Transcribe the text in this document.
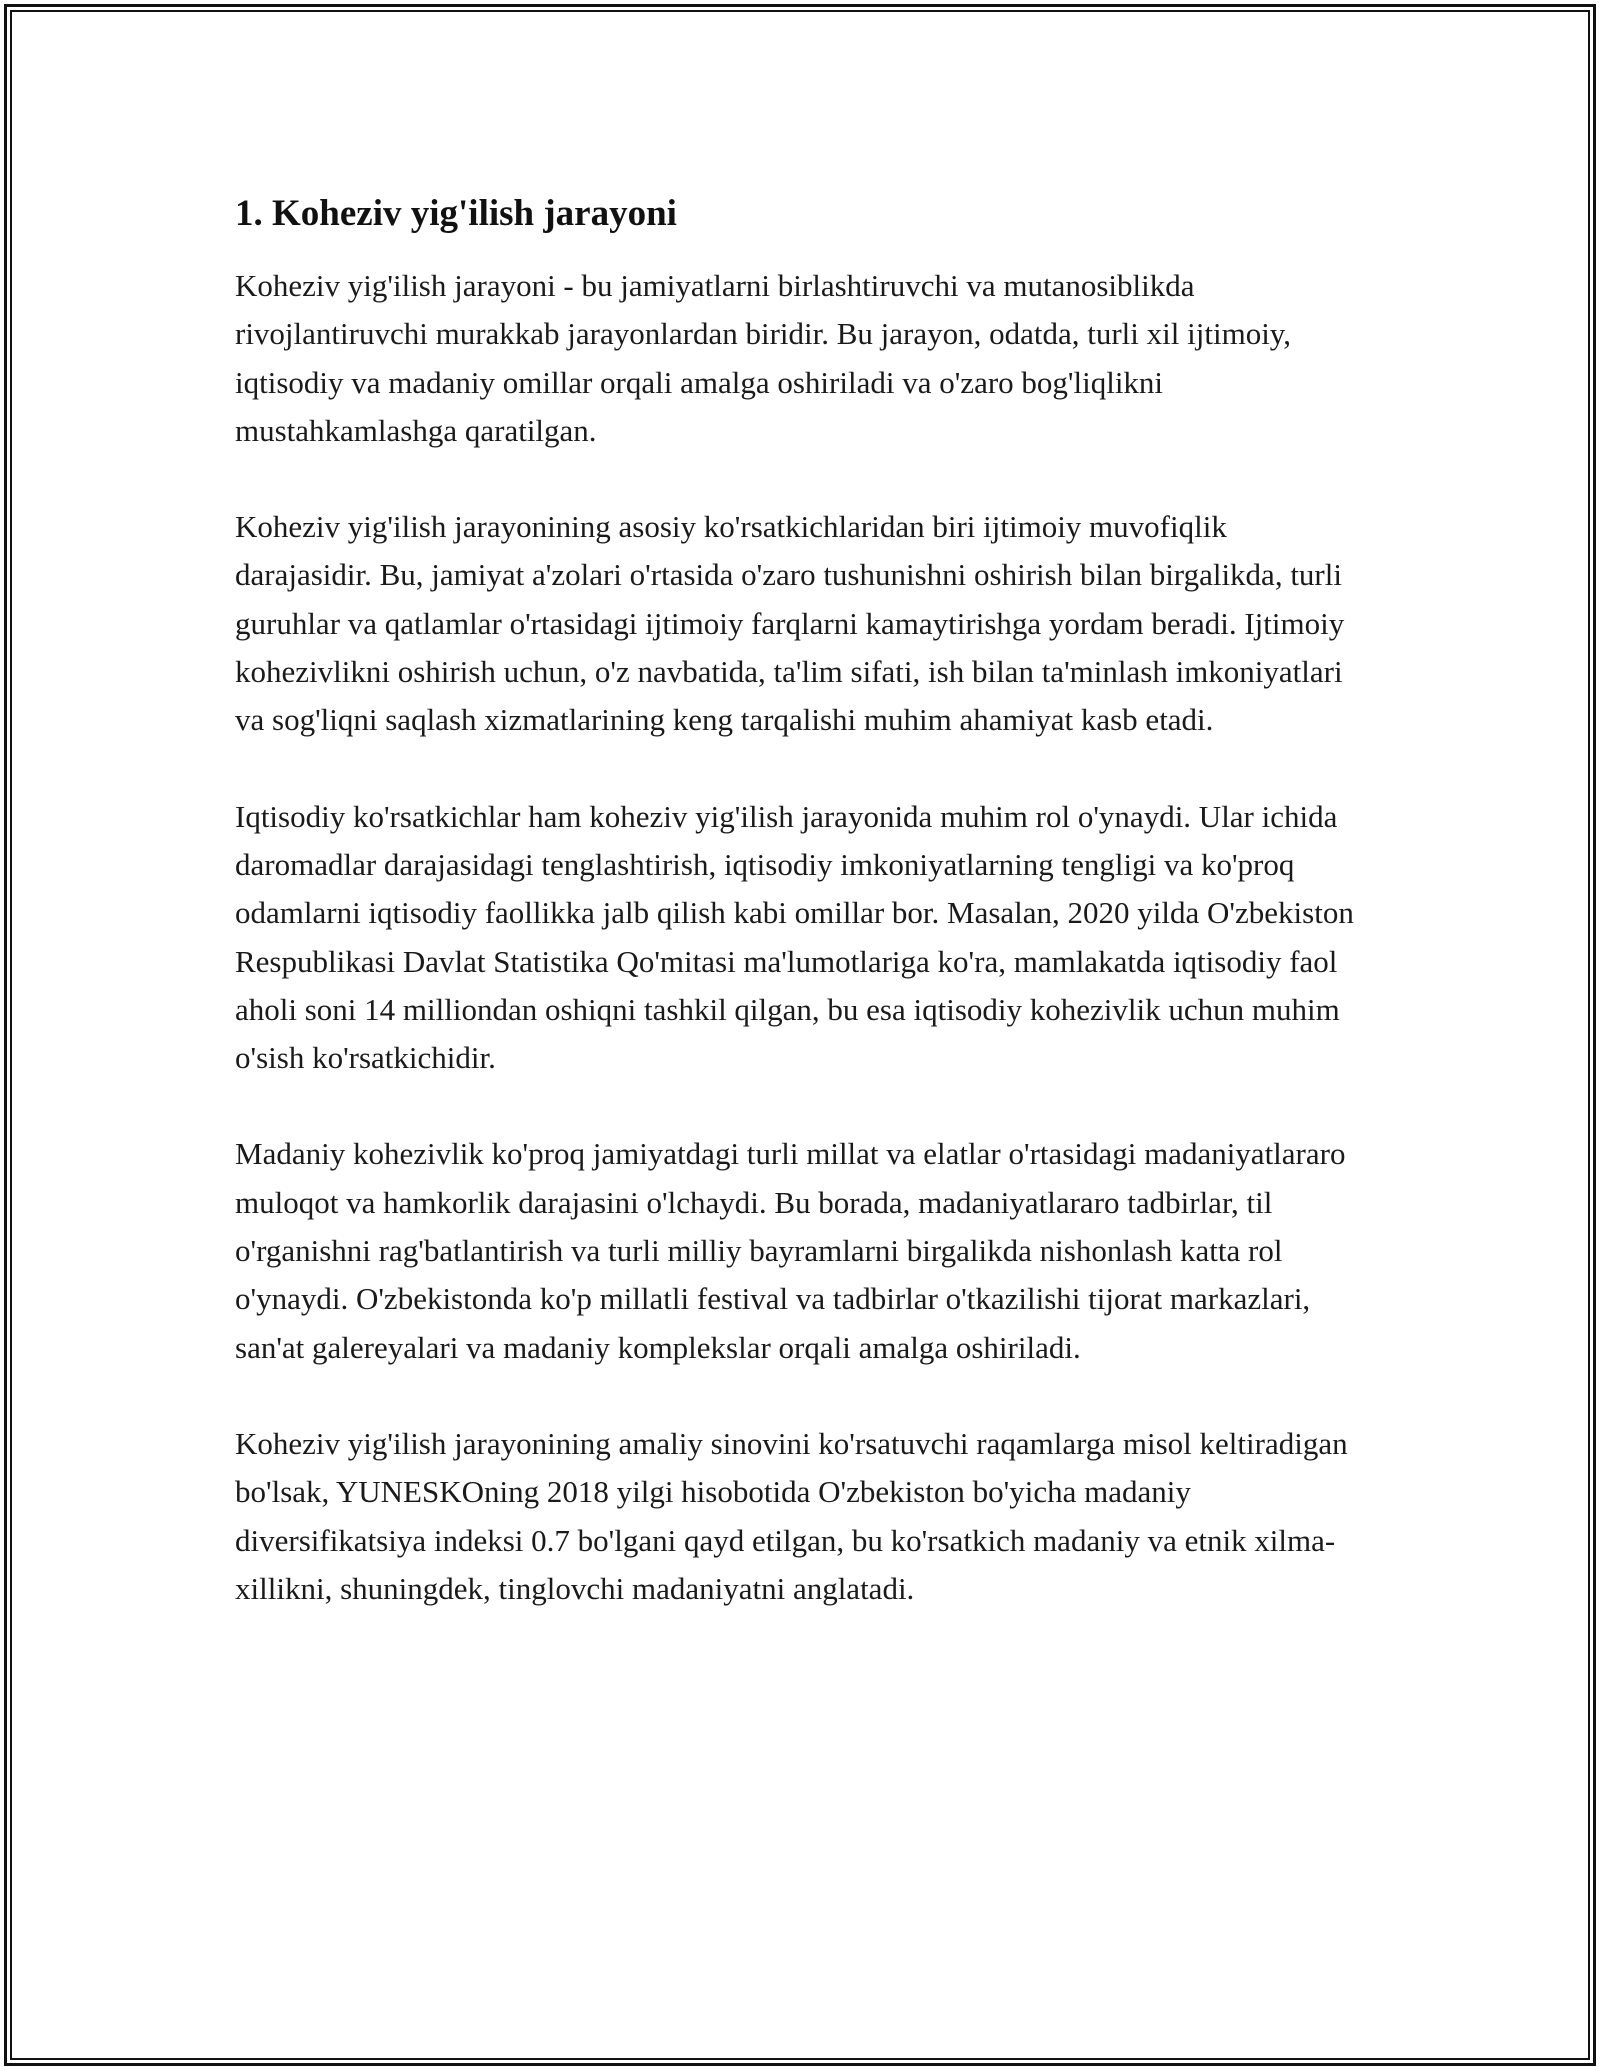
1. Koheziv yig'ilish jarayoni

Koheziv yig'ilish jarayoni - bu jamiyatlarni birlashtiruvchi va mutanosiblikda rivojlantiruvchi murakkab jarayonlardan biridir. Bu jarayon, odatda, turli xil ijtimoiy, iqtisodiy va madaniy omillar orqali amalga oshiriladi va o'zaro bog'liqlikni mustahkamlashga qaratilgan.

Koheziv yig'ilish jarayonining asosiy ko'rsatkichlaridan biri ijtimoiy muvofiqlik darajasidir. Bu, jamiyat a'zolari o'rtasida o'zaro tushunishni oshirish bilan birgalikda, turli guruhlar va qatlamlar o'rtasidagi ijtimoiy farqlarni kamaytirishga yordam beradi. Ijtimoiy kohezivlikni oshirish uchun, o'z navbatida, ta'lim sifati, ish bilan ta'minlash imkoniyatlari va sog'liqni saqlash xizmatlarining keng tarqalishi muhim ahamiyat kasb etadi.

Iqtisodiy ko'rsatkichlar ham koheziv yig'ilish jarayonida muhim rol o'ynaydi. Ular ichida daromadlar darajasidagi tenglashtirish, iqtisodiy imkoniyatlarning tengligi va ko'proq odamlarni iqtisodiy faollikka jalb qilish kabi omillar bor. Masalan, 2020 yilda O'zbekiston Respublikasi Davlat Statistika Qo'mitasi ma'lumotlariga ko'ra, mamlakatda iqtisodiy faol aholi soni 14 milliondan oshiqni tashkil qilgan, bu esa iqtisodiy kohezivlik uchun muhim o'sish ko'rsatkichidir.

Madaniy kohezivlik ko'proq jamiyatdagi turli millat va elatlar o'rtasidagi madaniyatlararo muloqot va hamkorlik darajasini o'lchaydi. Bu borada, madaniyatlararo tadbirlar, til o'rganishni rag'batlantirish va turli milliy bayramlarni birgalikda nishonlash katta rol o'ynaydi. O'zbekistonda ko'p millatli festival va tadbirlar o'tkazilishi tijorat markazlari, san'at galereyalari va madaniy komplekslar orqali amalga oshiriladi.

Koheziv yig'ilish jarayonining amaliy sinovini ko'rsatuvchi raqamlarga misol keltiradigan bo'lsak, YUNESKOning 2018 yilgi hisobotida O'zbekiston bo'yicha madaniy diversifikatsiya indeksi 0.7 bo'lgani qayd etilgan, bu ko'rsatkich madaniy va etnik xilma-xillikni, shuningdek, tinglovchi madaniyatni anglatadi.
